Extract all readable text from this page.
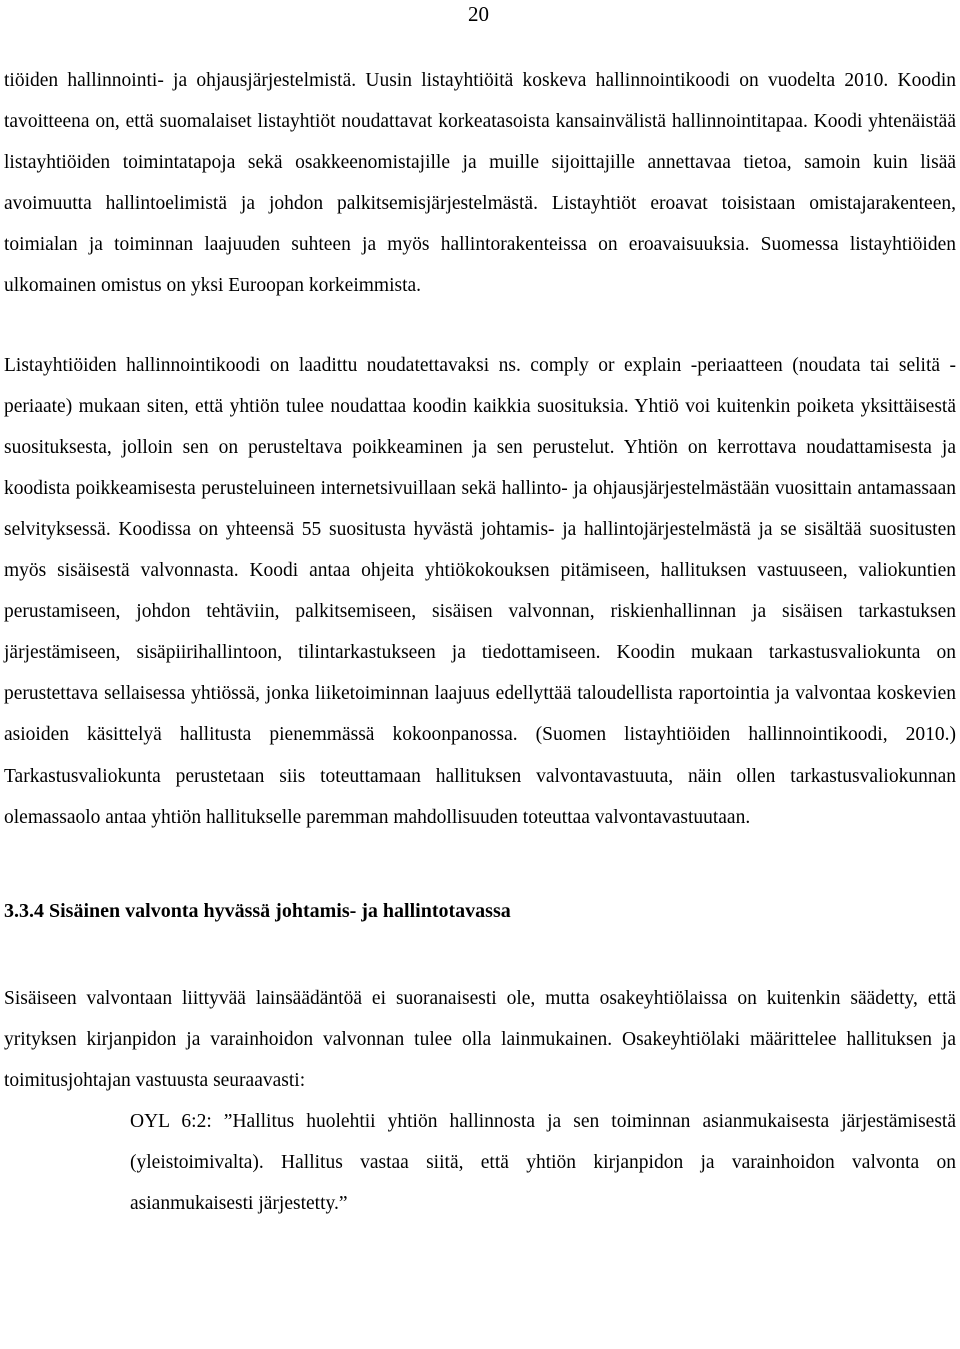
20

tiöiden hallinnointi- ja ohjausjärjestelmistä. Uusin listayhtiöitä koskeva hallinnointikoodi on vuodelta 2010. Koodin tavoitteena on, että suomalaiset listayhtiöt noudattavat korkeatasoista kansainvälistä hallinnointitapaa. Koodi yhtenäistää listayhtiöiden toimintatapoja sekä osakkeenomistajille ja muille sijoittajille annettavaa tietoa, samoin kuin lisää avoimuutta hallintoelimistä ja johdon palkitsemisjärjestelmästä. Listayhtiöt eroavat toisistaan omistajarakenteen, toimialan ja toiminnan laajuuden suhteen ja myös hallintorakenteissa on eroavaisuuksia. Suomessa listayhtiöiden ulkomainen omistus on yksi Euroopan korkeimmista.

Listayhtiöiden hallinnointikoodi on laadittu noudatettavaksi ns. comply or explain -periaatteen (noudata tai selitä -periaate) mukaan siten, että yhtiön tulee noudattaa koodin kaikkia suosituksia. Yhtiö voi kuitenkin poiketa yksittäisestä suosituksesta, jolloin sen on perusteltava poikkeaminen ja sen perustelut. Yhtiön on kerrottava noudattamisesta ja koodista poikkeamisesta perusteluineen internetsivuillaan sekä hallinto- ja ohjausjärjestelmästään vuosittain antamassaan selvityksessä. Koodissa on yhteensä 55 suositusta hyvästä johtamis- ja hallintojärjestelmästä ja se sisältää suositusten myös sisäisestä valvonnasta. Koodi antaa ohjeita yhtiökokouksen pitämiseen, hallituksen vastuuseen, valiokuntien perustamiseen, johdon tehtäviin, palkitsemiseen, sisäisen valvonnan, riskienhallinnan ja sisäisen tarkastuksen järjestämiseen, sisäpiirihallintoon, tilintarkastukseen ja tiedottamiseen. Koodin mukaan tarkastusvaliokunta on perustettava sellaisessa yhtiössä, jonka liiketoiminnan laajuus edellyttää taloudellista raportointia ja valvontaa koskevien asioiden käsittelyä hallitusta pienemmässä kokoonpanossa. (Suomen listayhtiöiden hallinnointikoodi, 2010.) Tarkastusvaliokunta perustetaan siis toteuttamaan hallituksen valvontavastuuta, näin ollen tarkastusvaliokunnan olemassaolo antaa yhtiön hallitukselle paremman mahdollisuuden toteuttaa valvontavastuutaan.

3.3.4 Sisäinen valvonta hyvässä johtamis- ja hallintotavassa

Sisäiseen valvontaan liittyvää lainsäädäntöä ei suoranaisesti ole, mutta osakeyhtiölaissa on kuitenkin säädetty, että yrityksen kirjanpidon ja varainhoidon valvonnan tulee olla lainmukainen. Osakeyhtiölaki määrittelee hallituksen ja toimitusjohtajan vastuusta seuraavasti:

OYL 6:2: ”Hallitus huolehtii yhtiön hallinnosta ja sen toiminnan asianmukaisesta järjestämisestä (yleistoimivalta). Hallitus vastaa siitä, että yhtiön kirjanpidon ja varainhoidon valvonta on asianmukaisesti järjestetty.”
